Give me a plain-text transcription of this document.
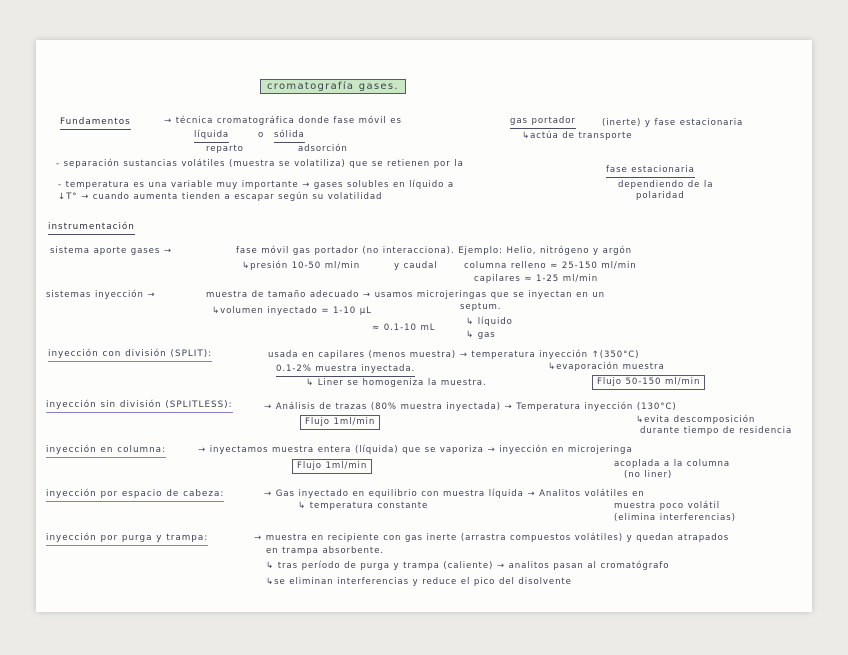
cromatografía gases.
Fundamentos	→ técnica cromatográfica donde fase móvil es	gas portador	(inerte) y fase estacionaria
líquida	o sólida
reparto	adsorción
↳actúa de transporte
- separación sustancias volátiles (muestra se volatiliza) que se retienen por la
fase estacionaria
- temperatura es una variable muy importante → gases solubles en líquido a	dependiendo de la
polaridad
↓T° → cuando aumenta tienden a escapar según su volatilidad
instrumentación
sistema aporte gases →	fase móvil gas portador (no interacciona). Ejemplo: Helio, nitrógeno y argón
↳presión 10-50 ml/min	y caudal	columna relleno ≈ 25-150 ml/min
capilares ≈ 1-25 ml/min
sistemas inyección →	muestra de tamaño adecuado → usamos microjeringas que se inyectan en un
septum.
↳volumen inyectado = 1-10 μL
↳ líquido
≈ 0.1-10 mL
↳ gas
inyección con división (SPLIT):	usada en capilares (menos muestra) → temperatura inyección ↑(350°C)
↳evaporación muestra
0.1-2% muestra inyectada.
↳ Liner se homogeniza la muestra.	Flujo 50-150 ml/min
inyección sin división (SPLITLESS):	→ Análisis de trazas (80% muestra inyectada) → Temperatura inyección (130°C)
Flujo 1ml/min	↳evita descomposición
durante tiempo de residencia
inyección en columna:	→ inyectamos muestra entera (líquida) que se vaporiza → inyección en microjeringa
Flujo 1ml/min	acoplada a la columna
(no liner)
inyección por espacio de cabeza:	→ Gas inyectado en equilibrio con muestra líquida → Analitos volátiles en
↳ temperatura constante	muestra poco volátil
(elimina interferencias)
inyección por purga y trampa:	→ muestra en recipiente con gas inerte (arrastra compuestos volátiles) y quedan atrapados
en trampa absorbente.
↳ tras período de purga y trampa (caliente) → analitos pasan al cromatógrafo
↳se eliminan interferencias y reduce el pico del disolvente
